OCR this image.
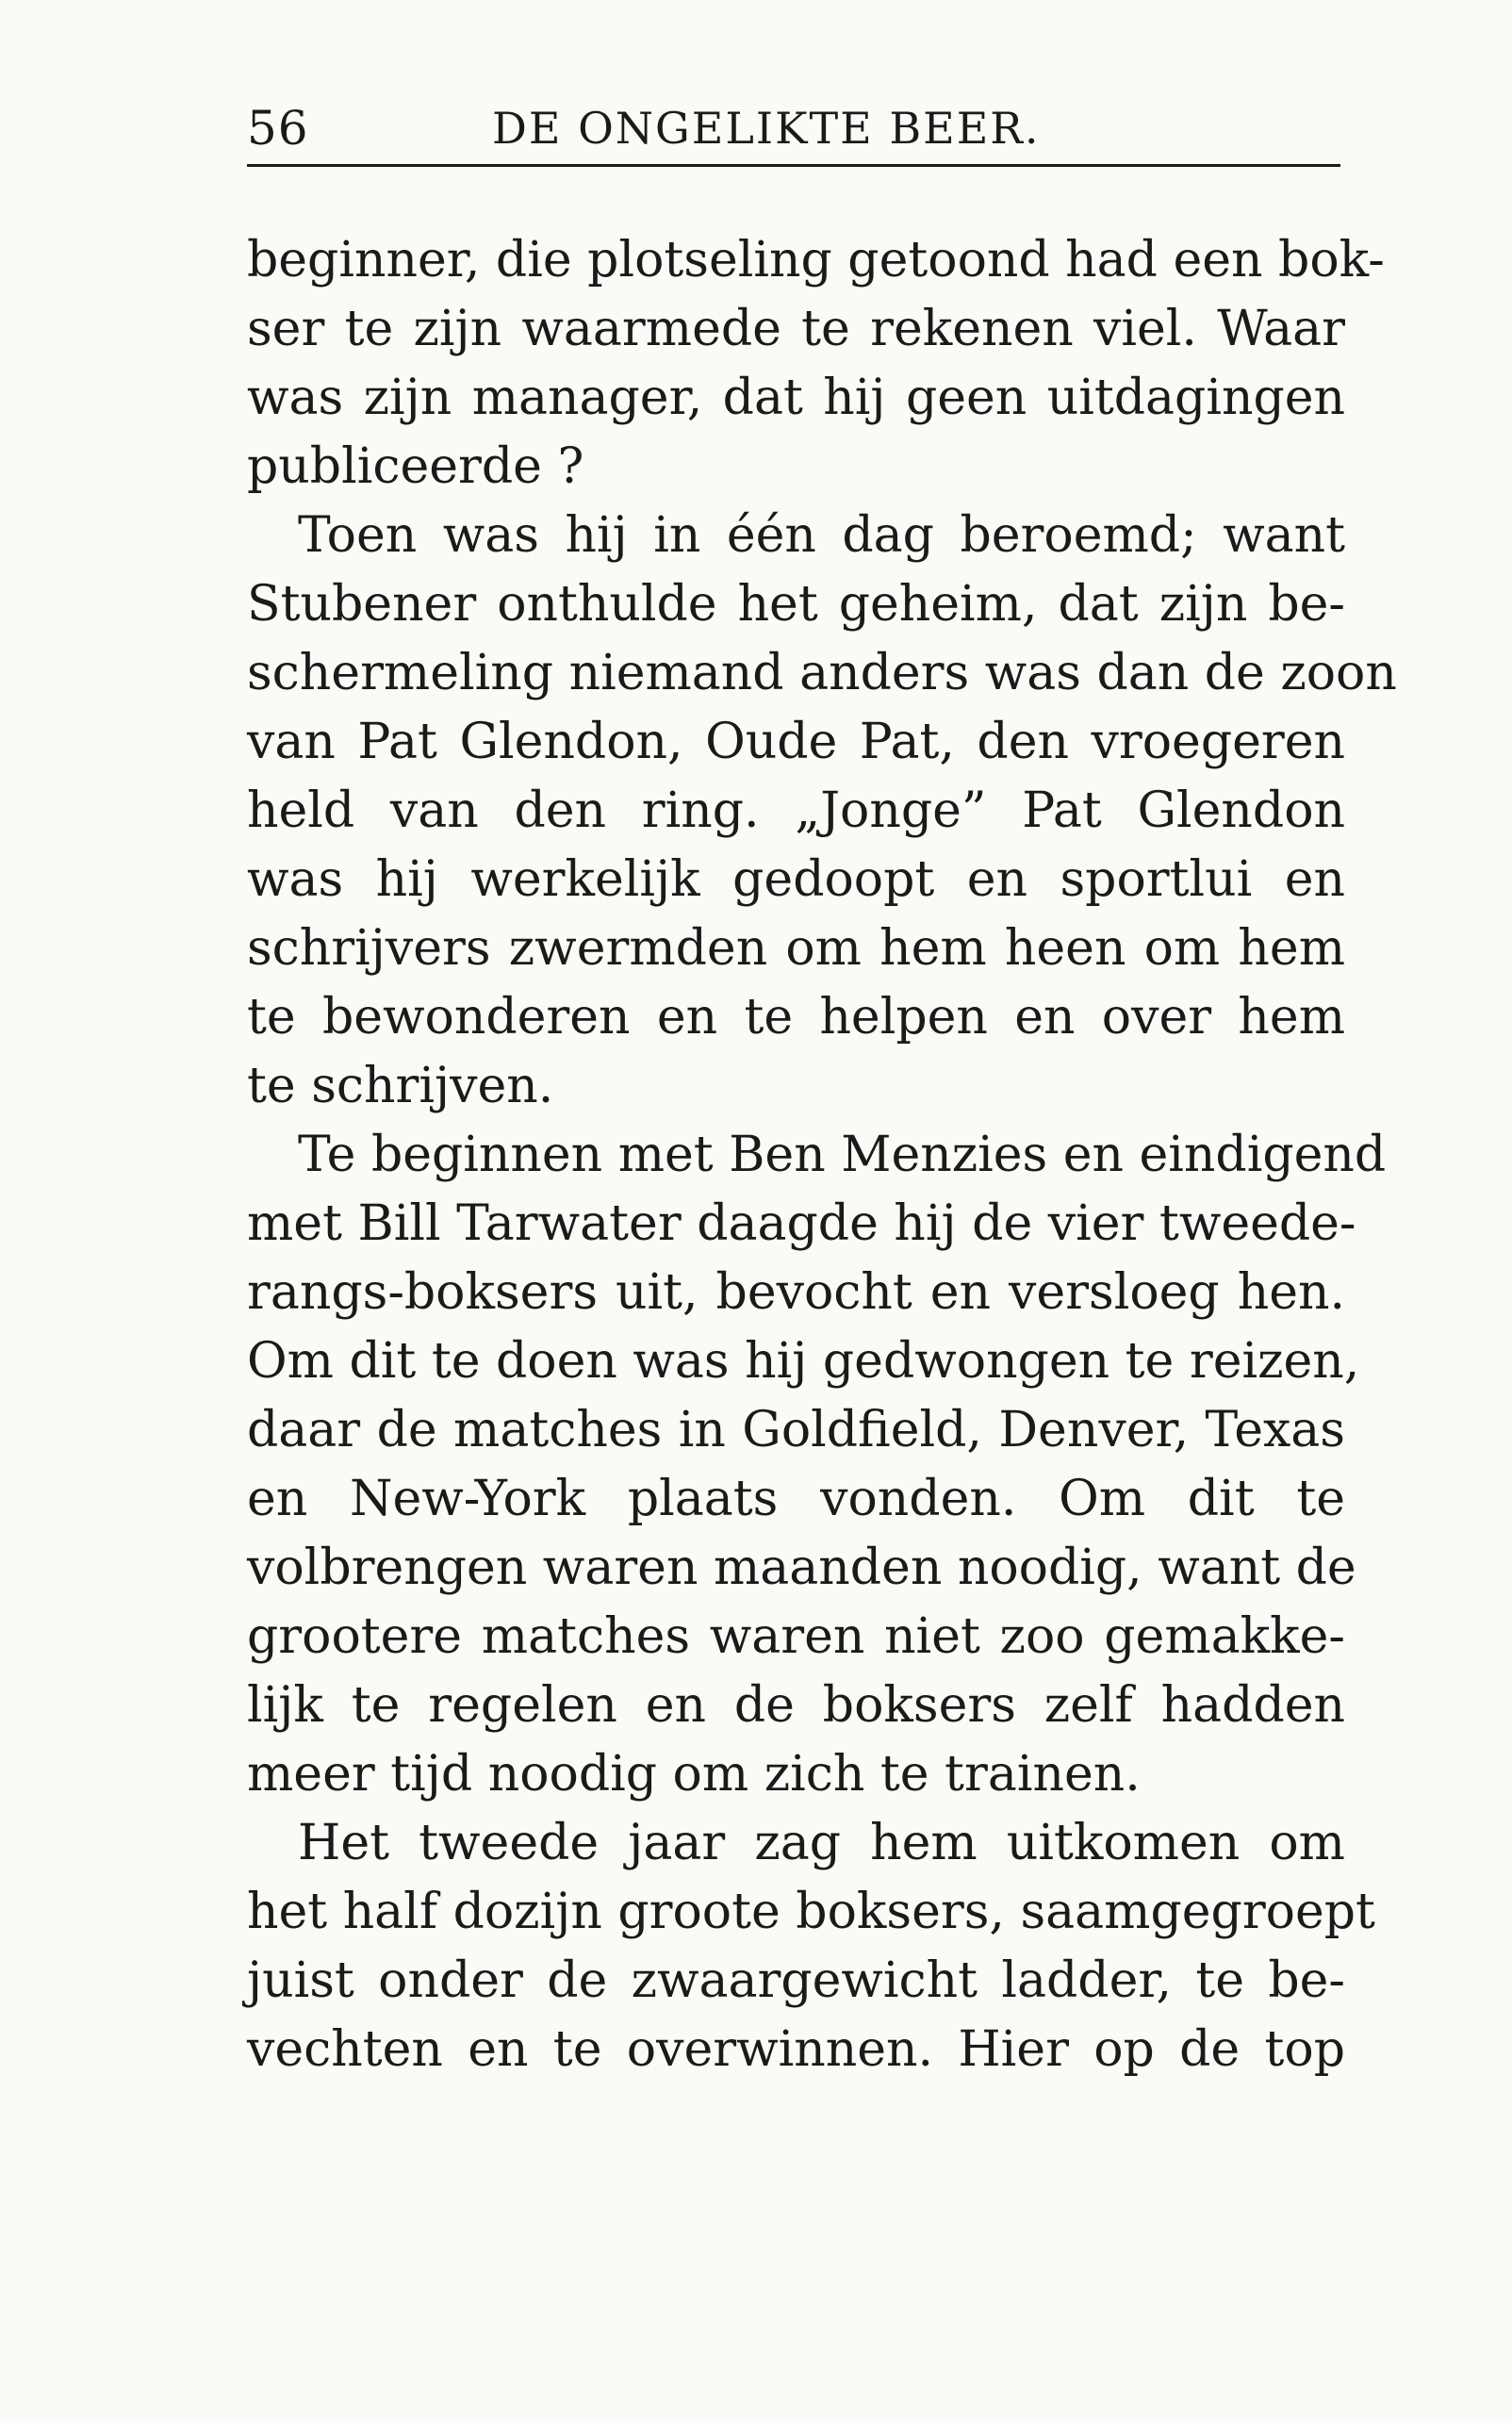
56	DE ONGELIKTE BEER.
beginner, die plotseling getoond had een bok-
ser te zijn waarmede te rekenen viel. Waar
was zijn manager, dat hij geen uitdagingen
publiceerde ?
Toen was hij in één dag beroemd; want
Stubener onthulde het geheim, dat zijn be-
schermeling niemand anders was dan de zoon
van Pat Glendon, Oude Pat, den vroegeren
held van den ring. „Jonge” Pat Glendon
was hij werkelijk gedoopt en sportlui en
schrijvers zwermden om hem heen om hem
te bewonderen en te helpen en over hem
te schrijven.
Te beginnen met Ben Menzies en eindigend
met Bill Tarwater daagde hij de vier tweede-
rangs-boksers uit, bevocht en versloeg hen.
Om dit te doen was hij gedwongen te reizen,
daar de matches in Goldfield, Denver, Texas
en New-York plaats vonden. Om dit te
volbrengen waren maanden noodig, want de
grootere matches waren niet zoo gemakke-
lijk te regelen en de boksers zelf hadden
meer tijd noodig om zich te trainen.
Het tweede jaar zag hem uitkomen om
het half dozijn groote boksers, saamgegroept
juist onder de zwaargewicht ladder, te be-
vechten en te overwinnen. Hier op de top
